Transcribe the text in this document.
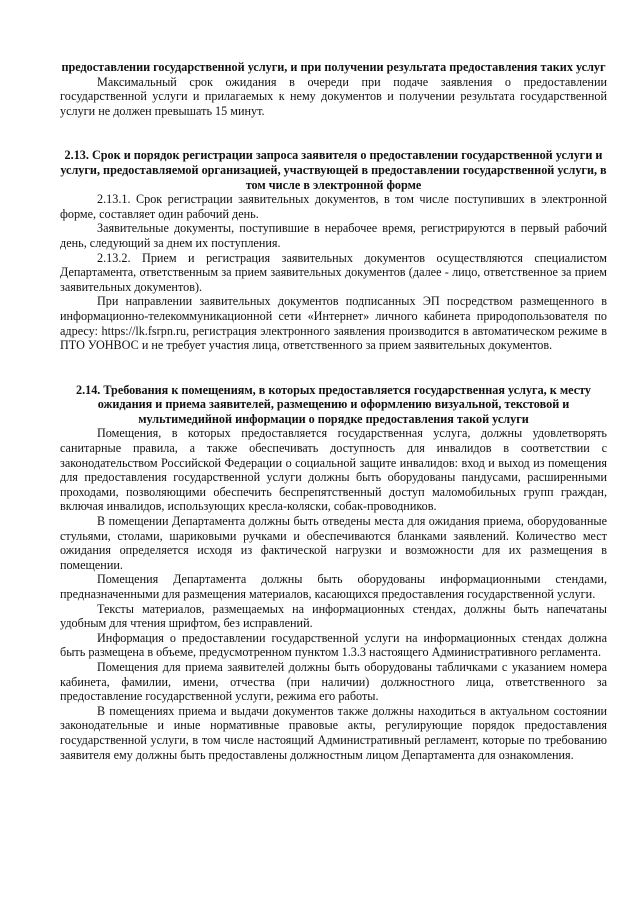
предоставлении государственной услуги, и при получении результата предоставления таких услуг

Максимальный срок ожидания в очереди при подаче заявления о предоставлении государственной услуги и прилагаемых к нему документов и получении результата государственной услуги не должен превышать 15 минут.

2.13. Срок и порядок регистрации запроса заявителя о предоставлении государственной услуги и услуги, предоставляемой организацией, участвующей в предоставлении государственной услуги, в том числе в электронной форме

2.13.1. Срок регистрации заявительных документов, в том числе поступивших в электронной форме, составляет один рабочий день.

Заявительные документы, поступившие в нерабочее время, регистрируются в первый рабочий день, следующий за днем их поступления.

2.13.2. Прием и регистрация заявительных документов осуществляются специалистом Департамента, ответственным за прием заявительных документов (далее - лицо, ответственное за прием заявительных документов).

При направлении заявительных документов подписанных ЭП посредством размещенного в информационно-телекоммуникационной сети «Интернет» личного кабинета природопользователя по адресу: https://lk.fsrpn.ru, регистрация электронного заявления производится в автоматическом режиме в ПТО УОНВОС и не требует участия лица, ответственного за прием заявительных документов.

2.14. Требования к помещениям, в которых предоставляется государственная услуга, к месту ожидания и приема заявителей, размещению и оформлению визуальной, текстовой и мультимедийной информации о порядке предоставления такой услуги

Помещения, в которых предоставляется государственная услуга, должны удовлетворять санитарные правила, а также обеспечивать доступность для инвалидов в соответствии с законодательством Российской Федерации о социальной защите инвалидов: вход и выход из помещения для предоставления государственной услуги должны быть оборудованы пандусами, расширенными проходами, позволяющими обеспечить беспрепятственный доступ маломобильных групп граждан, включая инвалидов, использующих кресла-коляски, собак-проводников.

В помещении Департамента должны быть отведены места для ожидания приема, оборудованные стульями, столами, шариковыми ручками и обеспечиваются бланками заявлений. Количество мест ожидания определяется исходя из фактической нагрузки и возможности для их размещения в помещении.

Помещения Департамента должны быть оборудованы информационными стендами, предназначенными для размещения материалов, касающихся предоставления государственной услуги.

Тексты материалов, размещаемых на информационных стендах, должны быть напечатаны удобным для чтения шрифтом, без исправлений.

Информация о предоставлении государственной услуги на информационных стендах должна быть размещена в объеме, предусмотренном пунктом 1.3.3 настоящего Административного регламента.

Помещения для приема заявителей должны быть оборудованы табличками с указанием номера кабинета, фамилии, имени, отчества (при наличии) должностного лица, ответственного за предоставление государственной услуги, режима его работы.

В помещениях приема и выдачи документов также должны находиться в актуальном состоянии законодательные и иные нормативные правовые акты, регулирующие порядок предоставления государственной услуги, в том числе настоящий Административный регламент, которые по требованию заявителя ему должны быть предоставлены должностным лицом Департамента для ознакомления.
